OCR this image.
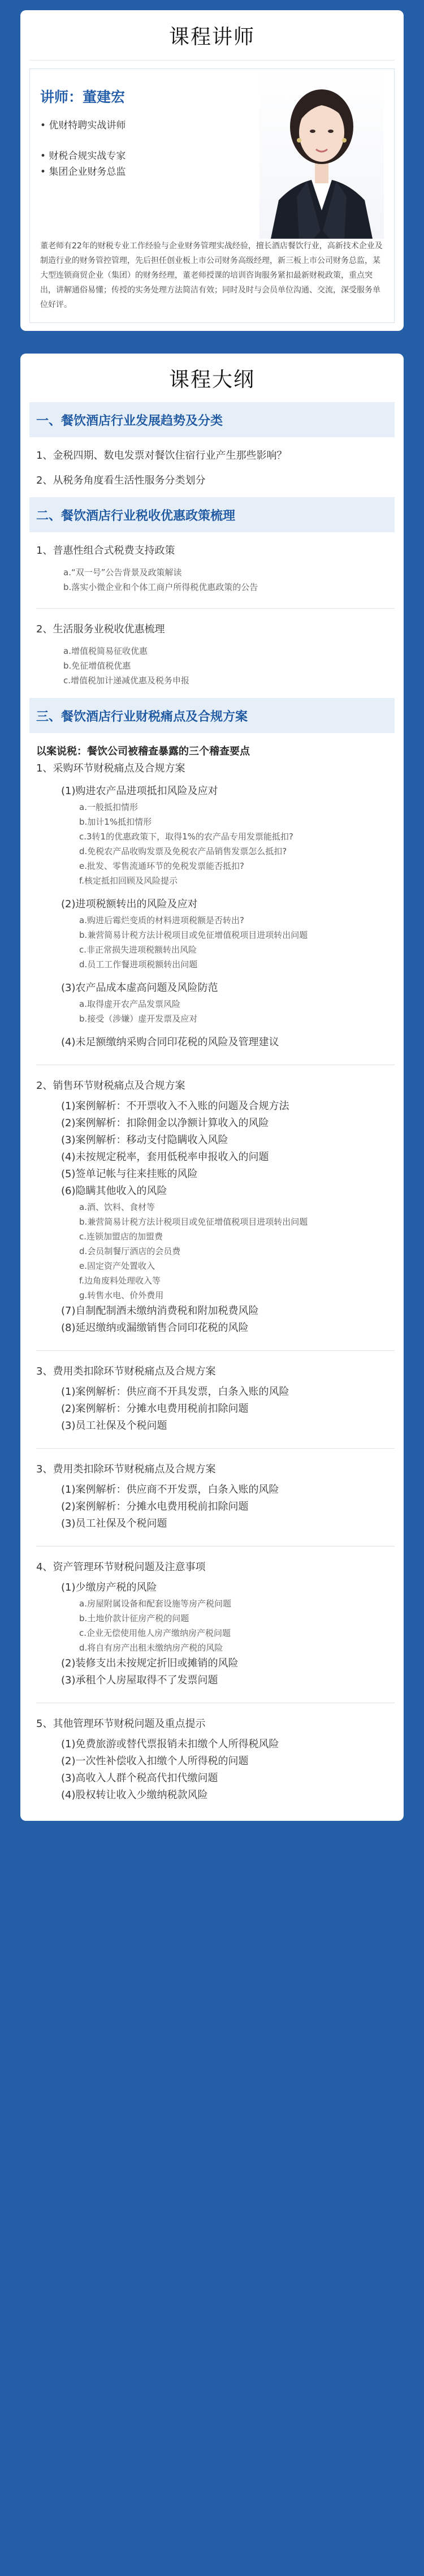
课程讲师
讲师：董建宏
• 优财特聘实战讲师
• 财税合规实战专家
• 集团企业财务总监
董老师有22年的财税专业工作经验与企业财务管理实战经验，擅长酒店餐饮行业，高新技术企业及制造行业的财务管控管理，先后担任创业板上市公司财务高级经理，新三板上市公司财务总监，某大型连锁商贸企业（集团）的财务经理，董老师授课的培训咨询服务紧扣最新财税政策，重点突出，讲解通俗易懂；传授的实务处理方法简洁有效；同时及时与会员单位沟通、交流，深受服务单位好评。
课程大纲
一、餐饮酒店行业发展趋势及分类
1、金税四期、数电发票对餐饮住宿行业产生那些影响？
2、从税务角度看生活性服务分类划分
二、餐饮酒店行业税收优惠政策梳理
1、普惠性组合式税费支持政策
a.“双一号”公告背景及政策解读
b.落实小微企业和个体工商户所得税优惠政策的公告
2、生活服务业税收优惠梳理
a.增值税简易征收优惠
b.免征增值税优惠
c.增值税加计递减优惠及税务申报
三、餐饮酒店行业财税痛点及合规方案
以案说税：餐饮公司被稽查暴露的三个稽查要点
1、采购环节财税痛点及合规方案
(1)购进农产品进项抵扣风险及应对
a.一般抵扣情形
b.加计1%抵扣情形
c.3转1的优惠政策下，取得1%的农产品专用发票能抵扣?
d.免税农产品收购发票及免税农产品销售发票怎么抵扣?
e.批发、零售流通环节的免税发票能否抵扣?
f.核定抵扣回顾及风险提示
(2)进项税额转出的风险及应对
a.购进后霉烂变质的材料进项税额是否转出?
b.兼营简易计税方法计税项目或免征增值税项目进项转出问题
c.非正常损失进项税额转出风险
d.员工工作餐进项税额转出问题
(3)农产品成本虚高问题及风险防范
a.取得虚开农产品发票风险
b.接受（涉嫌）虚开发票及应对
(4)未足额缴纳采购合同印花税的风险及管理建议
2、销售环节财税痛点及合规方案
(1)案例解析：不开票收入不入账的问题及合规方法
(2)案例解析：扣除佣金以净额计算收入的风险
(3)案例解析：移动支付隐瞒收入风险
(4)未按规定税率，套用低税率申报收入的问题
(5)签单记帐与往来挂账的风险
(6)隐瞒其他收入的风险
a.酒、饮料、食材等
b.兼营简易计税方法计税项目或免征增值税项目进项转出问题
c.连锁加盟店的加盟费
d.会员制餐厅酒店的会员费
e.固定资产处置收入
f.边角废料处理收入等
g.转售水电、价外费用
(7)自制配制酒未缴纳消费税和附加税费风险
(8)延迟缴纳或漏缴销售合同印花税的风险
3、费用类扣除环节财税痛点及合规方案
(1)案例解析：供应商不开具发票，白条入账的风险
(2)案例解析：分摊水电费用税前扣除问题
(3)员工社保及个税问题
3、费用类扣除环节财税痛点及合规方案
(1)案例解析：供应商不开发票，白条入账的风险
(2)案例解析：分摊水电费用税前扣除问题
(3)员工社保及个税问题
4、资产管理环节财税问题及注意事项
(1)少缴房产税的风险
a.房屋附属设备和配套设施等房产税问题
b.土地价款计征房产税的问题
c.企业无偿使用他人房产缴纳房产税问题
d.将自有房产出租未缴纳房产税的风险
(2)装修支出未按规定折旧或摊销的风险
(3)承租个人房屋取得不了发票问题
5、其他管理环节财税问题及重点提示
(1)免费旅游或替代票报销未扣缴个人所得税风险
(2)一次性补偿收入扣缴个人所得税的问题
(3)高收入人群个税高代扣代缴问题
(4)股权转让收入少缴纳税款风险
